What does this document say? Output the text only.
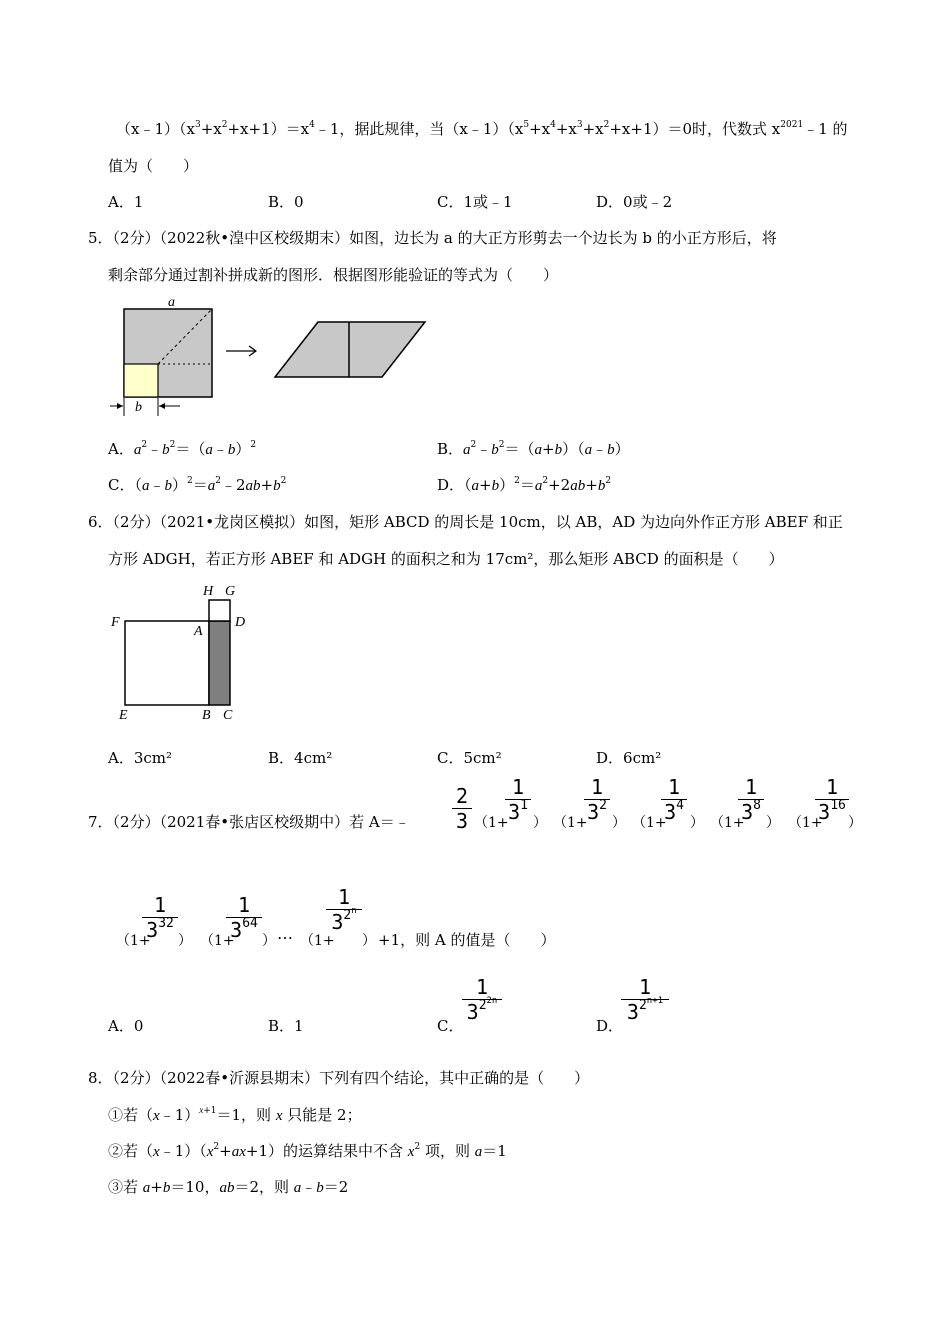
$(x﹣1)(x^3+x^2+x+1)=x^4﹣1$，据此规律，当$(x﹣1)(x^5+x^4+x^3+x^2+x+1)=0$时，代数式 $x^{2021}﹣1$ 的
值为（　　）
A．1	B．0	C．1或﹣1	D．0或﹣2
5．（2分）（2022秋•湟中区校级期末）如图，边长为 a 的大正方形剪去一个边长为 b 的小正方形后，将
剩余部分通过割补拼成新的图形．根据图形能验证的等式为（　　）
a
b
A．$a^2﹣b^2=(a﹣b)^2$	B．$a^2﹣b^2=(a+b)(a﹣b)$
C．$(a﹣b)^2=a^2﹣2ab+b^2$	D．$(a+b)^2=a^2+2ab+b^2$
6．（2分）（2021•龙岗区模拟）如图，矩形 ABCD 的周长是 10cm，以 AB，AD 为边向外作正方形 ABEF 和正
方形 ADGH，若正方形 ABEF 和 ADGH 的面积之和为 17cm²，那么矩形 ABCD 的面积是（　　）
H G
F
A
D
E	B C
A．3cm²	B．4cm²	C．5cm²	D．6cm²
7．（2分）（2021春•张店区校级期中）若 A＝﹣
2
3 （1+
1
$3^1$
） （1+
1
$3^2$
） （1+
1
$3^4$
） （1+
1
$3^8$
） （1+
1
$3^{16}$
）
（1+
1
$3^{32}$
） （1+
1
$3^{64}$
） ⋯ （1+
1
$3^{2^n}$
） +1，则 A 的值是（　　）
A．0	B．1	C．
1
$3^{2^{2n}}$
D．
1
$3^{2^{n+1}}$
8．（2分）（2022春•沂源县期末）下列有四个结论，其中正确的是（　　）
①若（x﹣1）$^{x+1}$＝1，则 x 只能是 2；
②若$(x﹣1)(x^2+ax+1)$的运算结果中不含 $x^2$ 项，则 a＝1
③若 a+b＝10，ab＝2，则 a﹣b＝2
